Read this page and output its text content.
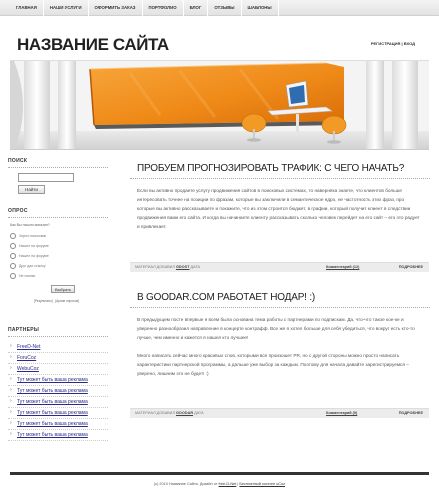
ГЛАВНАЯ	НАШИ УСЛУГИ	ОФОРМИТЬ ЗАКАЗ	ПОРТФОЛИО	БЛОГ	ОТЗЫВЫ	ШАБЛОНЫ
НАЗВАНИЕ САЙТА	РЕГИСТРАЦИЯ | ВХОД
ПОИСК
Найти
ОПРОС
Как Вы нашли магазин?
Через поисковик
Нашел на форуме
Нашел на форуме
Друг дал ссылку
Не помню
Выбрать
[Результаты]   [Архив опросов]
ПАРТНЕРЫ
› FreeD-Net
› ForuCoz
› WebuCoz
› Тут может быть ваша реклама
› Тут может быть ваша реклама
› Тут может быть ваша реклама
› Тут может быть ваша реклама
› Тут может быть ваша реклама
› Тут может быть ваша реклама
ПРОБУЕМ ПРОГНОЗИРОВАТЬ ТРАФИК: С ЧЕГО НАЧАТЬ?

Если вы активно продаете услугу продвижения сайтов в поисковых системах, то наверняка знаете, что клиентов больше интересовать точнее на позиции по фразам, которые вы заключили в семантическое ядро, не частотность этих фраз, про которые вы активно рассказываете и покажите, что из этом строится бюджет, в графии, который получит клиент в следствии продвижения вами его сайта. И когда вы начинаете клиенту рассказывать сколько человек перейдет на его сайт – его это радует и привлекает.

МАТЕРИАЛ ДОБАВИЛ GDOST ДАТА	Комментарий (12)	ПОДРОБНЕЕ
В GOODAR.COM РАБОТАЕТ НОДАР! :)

В предыдущем посте впервые я всем была основана тема работы с партнерами по подпискам. Да, что-что такое кое-ке и уверенно разнообразил направление в концерте контрафф. Все же я хотел больше для себя убедиться, что вокруг есть кто-то лучше, чем именно и кажется я нашел кто лучшее!

Много написать сейчас много красивых слов, которыми все произошет PR, но с другой стороны можно просто написать характеристики партнерской программы, а дальше уже выбор за каждым. Поэтому для начала давайте зарегистрируемся – уверено, лишним это не будет! :)

МАТЕРИАЛ ДОБАВИЛ GOODAR ДАТА	Комментарий (0)	ПОДРОБНЕЕ
(c) 2010 Название Сайта. Дизайн от free-D-Net | Бесплатный хостинг uCoz
